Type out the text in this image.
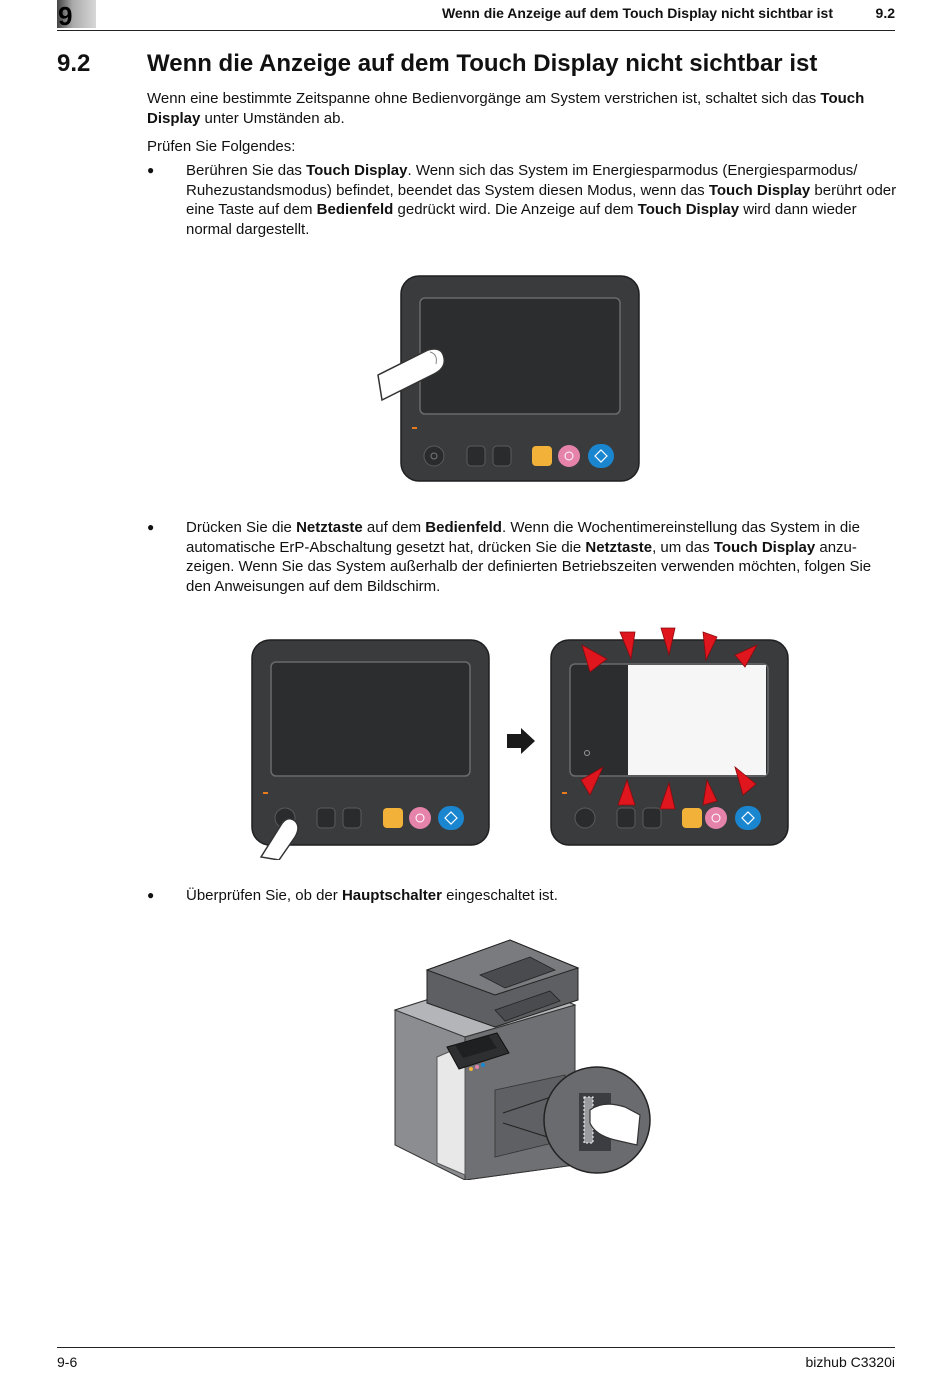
9	Wenn die Anzeige auf dem Touch Display nicht sichtbar ist	9.2
9.2 Wenn die Anzeige auf dem Touch Display nicht sichtbar ist
Wenn eine bestimmte Zeitspanne ohne Bedienvorgänge am System verstrichen ist, schaltet sich das Touch Display unter Umständen ab.
Prüfen Sie Folgendes:
● Berühren Sie das Touch Display. Wenn sich das System im Energiesparmodus (Energiesparmodus/ Ruhezustandsmodus) befindet, beendet das System diesen Modus, wenn das Touch Display berührt oder eine Taste auf dem Bedienfeld gedrückt wird. Die Anzeige auf dem Touch Display wird dann wieder normal dargestellt.
● Drücken Sie die Netztaste auf dem Bedienfeld. Wenn die Wochentimereinstellung das System in die automatische ErP-Abschaltung gesetzt hat, drücken Sie die Netztaste, um das Touch Display anzu-zeigen. Wenn Sie das System außerhalb der definierten Betriebszeiten verwenden möchten, folgen Sie den Anweisungen auf dem Bildschirm.
● Überprüfen Sie, ob der Hauptschalter eingeschaltet ist.
9-6	bizhub C3320i
